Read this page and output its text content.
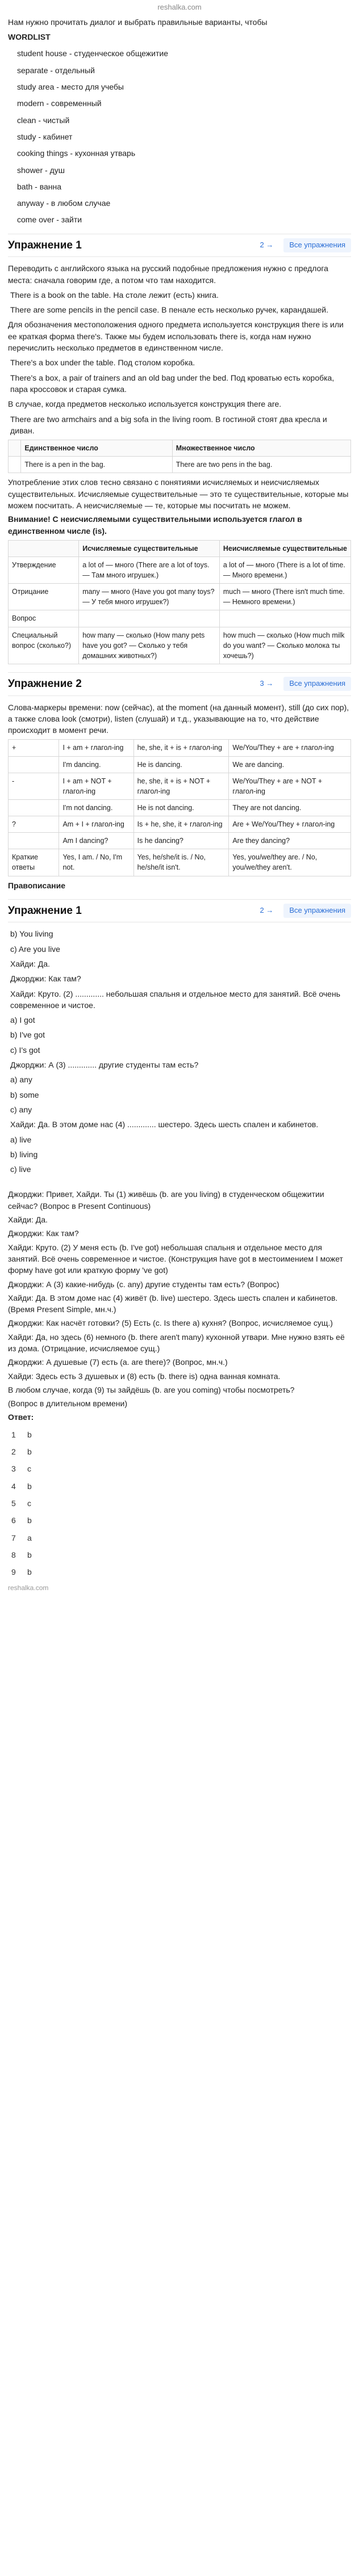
reshalka.com
Нам нужно прочитать диалог и выбрать правильные варианты, чтобы
WORDLIST
student house - студенческое общежитие
separate - отдельный
study area - место для учебы
modern - современный
clean - чистый
study - кабинет
cooking things - кухонная утварь
shower - душ
bath - ванна
anyway - в любом случае
come over - зайти
Упражнение 1	2 →	Все упражнения
Переводить с английского языка на русский подобные предложения нужно с предлога места: сначала говорим где, а потом что там находится.
There is a book on the table. На столе лежит (есть) книга.
There are some pencils in the pencil case. В пенале есть несколько ручек, карандашей.
Для обозначения местоположения одного предмета используется конструкция there is или ее краткая форма there's. Также мы будем использовать there is, когда нам нужно перечислить несколько предметов в единственном числе.
There's a box under the table. Под столом коробка.
There's a box, a pair of trainers and an old bag under the bed. Под кроватью есть коробка, пара кроссовок и старая сумка.
В случае, когда предметов несколько используется конструкция there are.
There are two armchairs and a big sofa in the living room. В гостиной стоят два кресла и диван.
	Единственное число	Множественное число
	There is a pen in the bag.	There are two pens in the bag.
Употребление этих слов тесно связано с понятиями исчисляемых и неисчисляемых существительных. Исчисляемые существительные — это те существительные, которые мы можем посчитать. А неисчисляемые — те, которые мы посчитать не можем.
Внимание! С неисчисляемыми существительными используется глагол в единственном числе (is).
	Исчисляемые существительные	Неисчисляемые существительные
Утверждение	a lot of — много (There are a lot of toys. — Там много игрушек.)	a lot of — много (There is a lot of time. — Много времени.)
Отрицание	many — много (Have you got many toys? — У тебя много игрушек?)	much — много (There isn't much time. — Немного времени.)
Вопрос		
Специальный вопрос (сколько?)	how many — сколько (How many pets have you got? — Сколько у тебя домашних животных?)	how much — сколько (How much milk do you want? — Сколько молока ты хочешь?)
Упражнение 2	3 →	Все упражнения
Слова-маркеры времени: now (сейчас), at the moment (на данный момент), still (до сих пор), а также слова look (смотри), listen (слушай) и т.д., указывающие на то, что действие происходит в момент речи.
+	I + am + глагол-ing	he, she, it + is + глагол-ing	We/You/They + are + глагол-ing
	I'm dancing.	He is dancing.	We are dancing.
-	I + am + NOT + глагол-ing	he, she, it + is + NOT + глагол-ing	We/You/They + are + NOT + глагол-ing
	I'm not dancing.	He is not dancing.	They are not dancing.
?	Am + I + глагол-ing	Is + he, she, it + глагол-ing	Are + We/You/They + глагол-ing
	Am I dancing?	Is he dancing?	Are they dancing?
Краткие ответы	Yes, I am. / No, I'm not.	Yes, he/she/it is. / No, he/she/it isn't.	Yes, you/we/they are. / No, you/we/they aren't.
Правописание
Упражнение 1	2 →	Все упражнения
b) You living
c) Are you live
Хайди: Да.
Джорджи: Как там?
Хайди: Круто. (2) ............. небольшая спальня и отдельное место для занятий. Всё очень современное и чистое.
a) I got
b) I've got
c) I's got
Джорджи: А (3) ............. другие студенты там есть?
a) any
b) some
c) any
Хайди: Да. В этом доме нас (4) ............. шестеро. Здесь шесть спален и кабинетов.
a) live
b) living
c) live
Джорджи: Привет, Хайди. Ты (1) живёшь (b. are you living) в студенческом общежитии сейчас? (Вопрос в Present Continuous)
Хайди: Да.
Джорджи: Как там?
Хайди: Круто. (2) У меня есть (b. I've got) небольшая спальня и отдельное место для занятий. Всё очень современное и чистое. (Конструкция have got в местоимением I может форму have got или краткую форму 've got)
Джорджи: А (3) какие-нибудь (c. any) другие студенты там есть? (Вопрос)
Хайди: Да. В этом доме нас (4) живёт (b. live) шестеро. Здесь шесть спален и кабинетов. (Время Present Simple, мн.ч.)
Джорджи: Как насчёт готовки? (5) Есть (c. Is there a) кухня? (Вопрос, исчисляемое сущ.)
Хайди: Да, но здесь (6) немного (b. there aren't many) кухонной утвари. Мне нужно взять её из дома. (Отрицание, исчисляемое сущ.)
Джорджи: А душевые (7) есть (a. are there)? (Вопрос, мн.ч.)
Хайди: Здесь есть 3 душевых и (8) есть (b. there is) одна ванная комната.
В любом случае, когда (9) ты зайдёшь (b. are you coming) чтобы посмотреть?
(Вопрос в длительном времени)
Ответ:
1	b
2	b
3	c
4	b
5	c
6	b
7	a
8	b
9	b
reshalka.com
